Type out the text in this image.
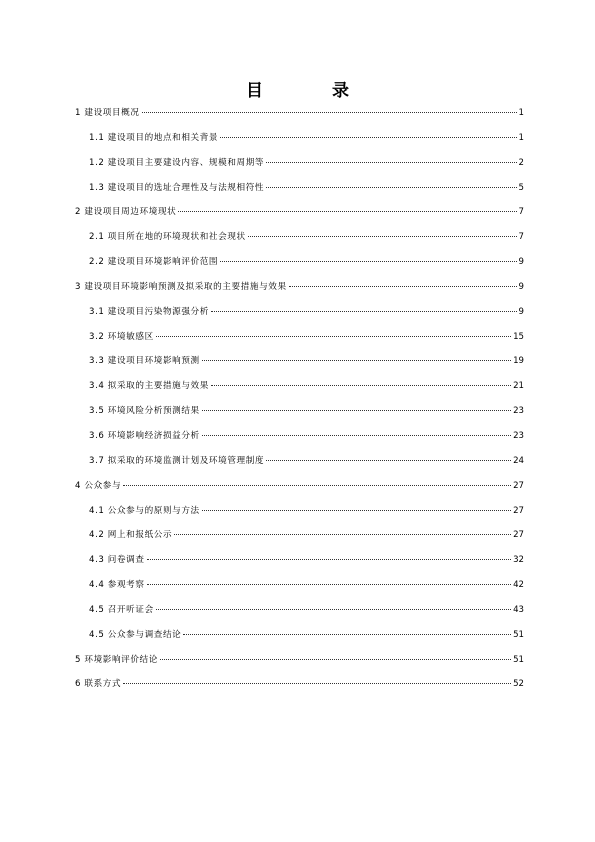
目　录
1 建设项目概况	1
1.1 建设项目的地点和相关背景	1
1.2 建设项目主要建设内容、规模和周期等	2
1.3 建设项目的选址合理性及与法规相符性	5
2 建设项目周边环境现状	7
2.1 项目所在地的环境现状和社会现状	7
2.2 建设项目环境影响评价范围	9
3 建设项目环境影响预测及拟采取的主要措施与效果	9
3.1 建设项目污染物源强分析	9
3.2 环境敏感区	15
3.3 建设项目环境影响预测	19
3.4 拟采取的主要措施与效果	21
3.5 环境风险分析预测结果	23
3.6 环境影响经济损益分析	23
3.7 拟采取的环境监测计划及环境管理制度	24
4 公众参与	27
4.1 公众参与的原则与方法	27
4.2 网上和报纸公示	27
4.3 问卷调查	32
4.4 参观考察	42
4.5 召开听证会	43
4.5 公众参与调查结论	51
5 环境影响评价结论	51
6 联系方式	52
